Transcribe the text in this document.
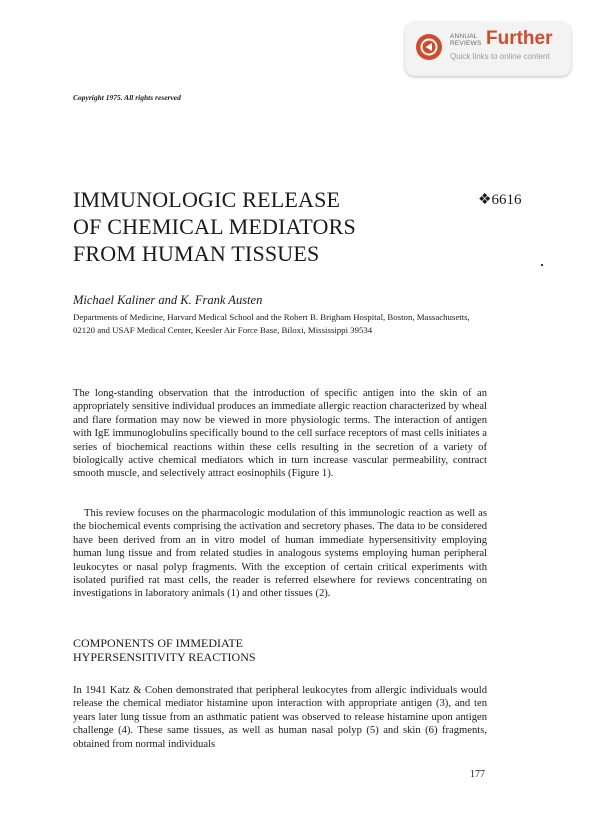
ANNUAL
REVIEWS Further
Quick links to online content
Copyright 1975. All rights reserved
IMMUNOLOGIC RELEASE
OF CHEMICAL MEDIATORS
FROM HUMAN TISSUES
❖6616
Michael Kaliner and K. Frank Austen
Departments of Medicine, Harvard Medical School and the Robert B. Brigham Hospital, Boston, Massachusetts, 02120 and USAF Medical Center, Keesler Air Force Base, Biloxi, Mississippi 39534
The long-standing observation that the introduction of specific antigen into the skin of an appropriately sensitive individual produces an immediate allergic reaction characterized by wheal and flare formation may now be viewed in more physiologic terms. The interaction of antigen with IgE immunoglobulins specifically bound to the cell surface receptors of mast cells initiates a series of biochemical reactions within these cells resulting in the secretion of a variety of biologically active chemical mediators which in turn increase vascular permeability, contract smooth muscle, and selectively attract eosinophils (Figure 1).
This review focuses on the pharmacologic modulation of this immunologic reaction as well as the biochemical events comprising the activation and secretory phases. The data to be considered have been derived from an in vitro model of human immediate hypersensitivity employing human lung tissue and from related studies in analogous systems employing human peripheral leukocytes or nasal polyp fragments. With the exception of certain critical experiments with isolated purified rat mast cells, the reader is referred elsewhere for reviews concentrating on investigations in laboratory animals (1) and other tissues (2).
COMPONENTS OF IMMEDIATE
HYPERSENSITIVITY REACTIONS
In 1941 Katz & Cohen demonstrated that peripheral leukocytes from allergic individuals would release the chemical mediator histamine upon interaction with appropriate antigen (3), and ten years later lung tissue from an asthmatic patient was observed to release histamine upon antigen challenge (4). These same tissues, as well as human nasal polyp (5) and skin (6) fragments, obtained from normal individuals
177
